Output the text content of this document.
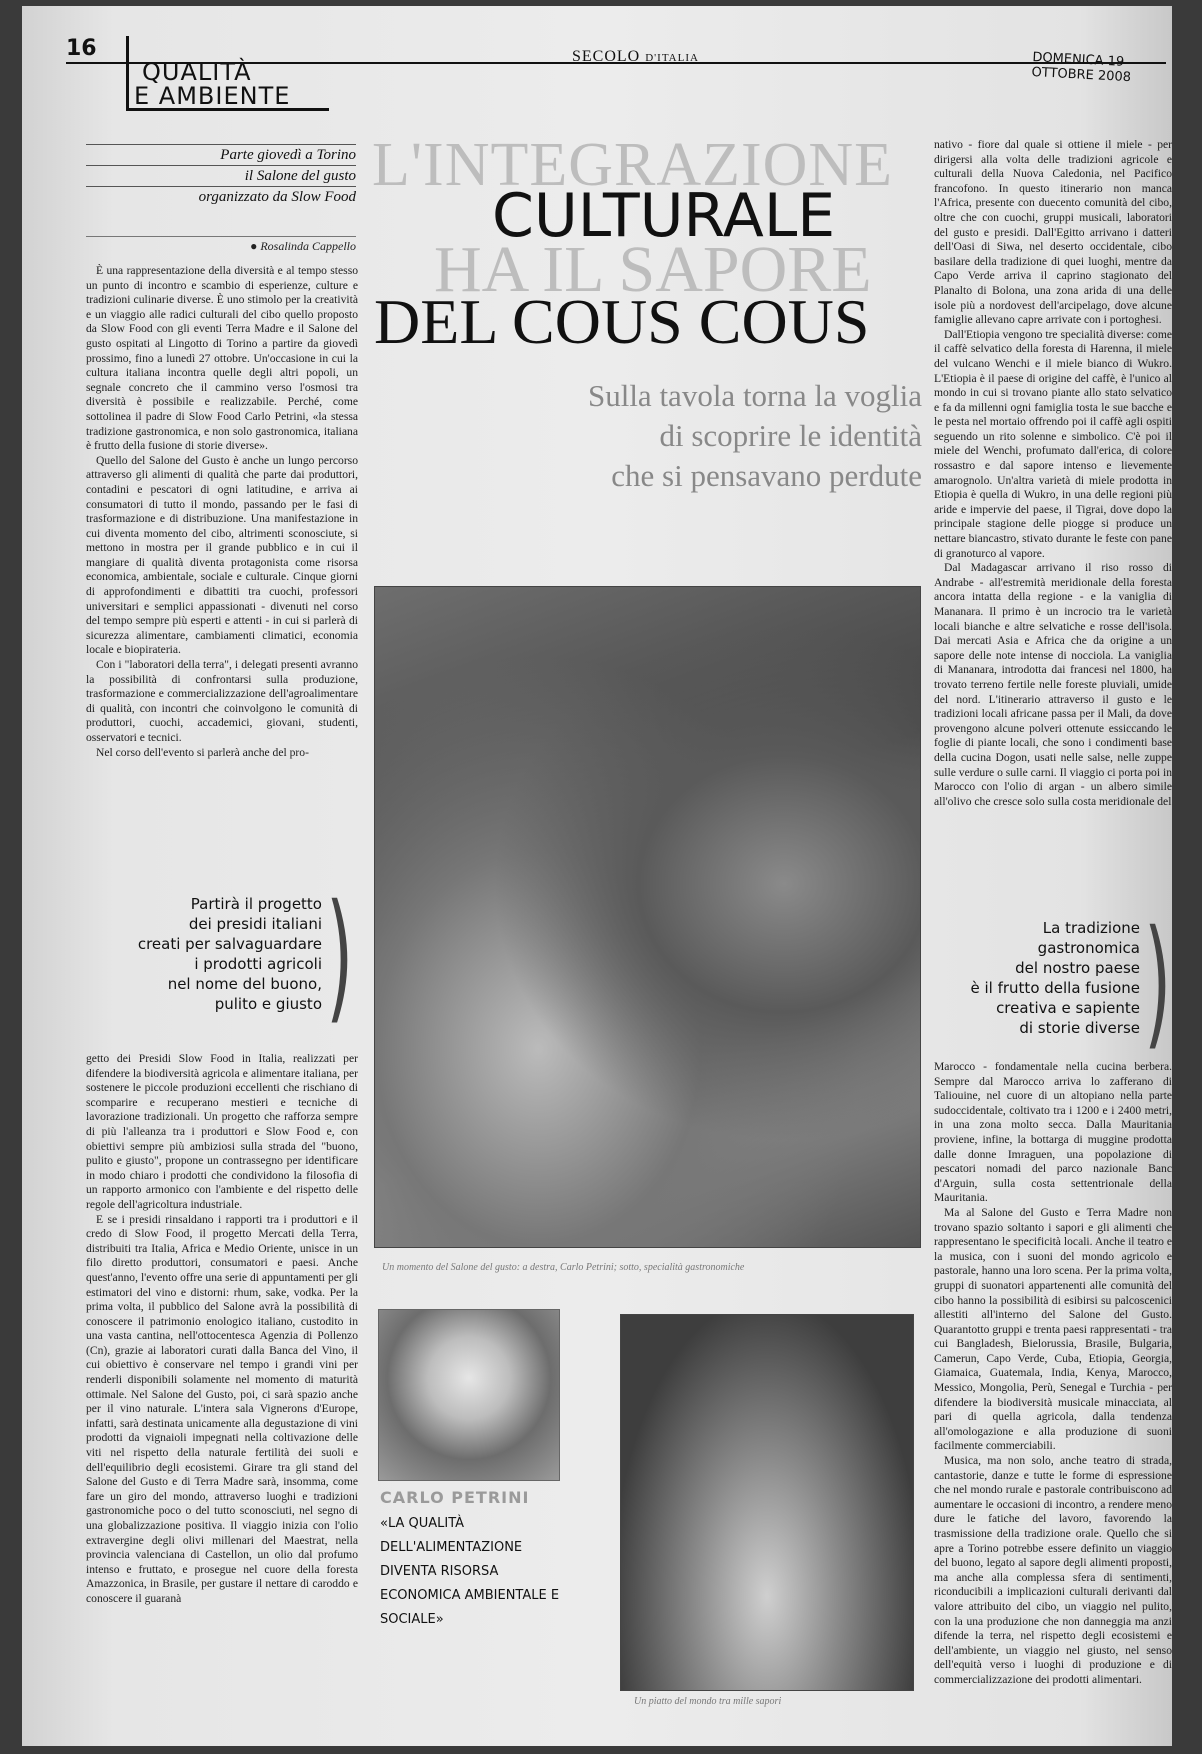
16
QUALITÀ
E AMBIENTE
SECOLO D'ITALIA	DOMENICA 19 OTTOBRE 2008
Parte giovedì a Torino
il Salone del gusto
organizzato da Slow Food
● Rosalinda Cappello
L'INTEGRAZIONE
CULTURALE
HA IL SAPORE
DEL COUS COUS
Sulla tavola torna la voglia
di scoprire le identità
che si pensavano perdute

È una rappresentazione della diversità e al tempo stesso un punto di incontro e scambio di esperienze, culture e tradizioni culinarie diverse. È uno stimolo per la creatività e un viaggio alle radici culturali del cibo quello proposto da Slow Food con gli eventi Terra Madre e il Salone del gusto ospitati al Lingotto di Torino a partire da giovedì prossimo, fino a lunedì 27 ottobre. Un'occasione in cui la cultura italiana incontra quelle degli altri popoli, un segnale concreto che il cammino verso l'osmosi tra diversità è possibile e realizzabile. Perché, come sottolinea il padre di Slow Food Carlo Petrini, «la stessa tradizione gastronomica, e non solo gastronomica, italiana è frutto della fusione di storie diverse».

Quello del Salone del Gusto è anche un lungo percorso attraverso gli alimenti di qualità che parte dai produttori, contadini e pescatori di ogni latitudine, e arriva ai consumatori di tutto il mondo, passando per le fasi di trasformazione e di distribuzione. Una manifestazione in cui diventa momento del cibo, altrimenti sconosciute, si mettono in mostra per il grande pubblico e in cui il mangiare di qualità diventa protagonista come risorsa economica, ambientale, sociale e culturale. Cinque giorni di approfondimenti e dibattiti tra cuochi, professori universitari e semplici appassionati - divenuti nel corso del tempo sempre più esperti e attenti - in cui si parlerà di sicurezza alimentare, cambiamenti climatici, economia locale e biopirateria.

Con i "laboratori della terra", i delegati presenti avranno la possibilità di confrontarsi sulla produzione, trasformazione e commercializzazione dell'agroalimentare di qualità, con incontri che coinvolgono le comunità di produttori, cuochi, accademici, giovani, studenti, osservatori e tecnici.

Nel corso dell'evento si parlerà anche del pro-

Partirà il progetto
dei presidi italiani
creati per salvaguardare
i prodotti agricoli
nel nome del buono,
pulito e giusto )

getto dei Presidi Slow Food in Italia, realizzati per difendere la biodiversità agricola e alimentare italiana, per sostenere le piccole produzioni eccellenti che rischiano di scomparire e recuperano mestieri e tecniche di lavorazione tradizionali. Un progetto che rafforza sempre di più l'alleanza tra i produttori e Slow Food e, con obiettivi sempre più ambiziosi sulla strada del "buono, pulito e giusto", propone un contrassegno per identificare in modo chiaro i prodotti che condividono la filosofia di un rapporto armonico con l'ambiente e del rispetto delle regole dell'agricoltura industriale.

E se i presidi rinsaldano i rapporti tra i produttori e il credo di Slow Food, il progetto Mercati della Terra, distribuiti tra Italia, Africa e Medio Oriente, unisce in un filo diretto produttori, consumatori e paesi. Anche quest'anno, l'evento offre una serie di appuntamenti per gli estimatori del vino e distorni: rhum, sake, vodka. Per la prima volta, il pubblico del Salone avrà la possibilità di conoscere il patrimonio enologico italiano, custodito in una vasta cantina, nell'ottocentesca Agenzia di Pollenzo (Cn), grazie ai laboratori curati dalla Banca del Vino, il cui obiettivo è conservare nel tempo i grandi vini per renderli disponibili solamente nel momento di maturità ottimale. Nel Salone del Gusto, poi, ci sarà spazio anche per il vino naturale. L'intera sala Vignerons d'Europe, infatti, sarà destinata unicamente alla degustazione di vini prodotti da vignaioli impegnati nella coltivazione delle viti nel rispetto della naturale fertilità dei suoli e dell'equilibrio degli ecosistemi. Girare tra gli stand del Salone del Gusto e di Terra Madre sarà, insomma, come fare un giro del mondo, attraverso luoghi e tradizioni gastronomiche poco o del tutto sconosciuti, nel segno di una globalizzazione positiva. Il viaggio inizia con l'olio extravergine degli olivi millenari del Maestrat, nella provincia valenciana di Castellon, un olio dal profumo intenso e fruttato, e prosegue nel cuore della foresta Amazzonica, in Brasile, per gustare il nettare di caroddo e conoscere il guaranà

Un momento del Salone del gusto: a destra, Carlo Petrini; sotto, specialità gastronomiche
CARLO PETRINI
«LA QUALITÀ DELL'ALIMENTAZIONE DIVENTA RISORSA ECONOMICA AMBIENTALE E SOCIALE»
Un piatto del mondo tra mille sapori

nativo - fiore dal quale si ottiene il miele - per dirigersi alla volta delle tradizioni agricole e culturali della Nuova Caledonia, nel Pacifico francofono. In questo itinerario non manca l'Africa, presente con duecento comunità del cibo, oltre che con cuochi, gruppi musicali, laboratori del gusto e presidi. Dall'Egitto arrivano i datteri dell'Oasi di Siwa, nel deserto occidentale, cibo basilare della tradizione di quei luoghi, mentre da Capo Verde arriva il caprino stagionato del Planalto di Bolona, una zona arida di una delle isole più a nordovest dell'arcipelago, dove alcune famiglie allevano capre arrivate con i portoghesi.

Dall'Etiopia vengono tre specialità diverse: come il caffè selvatico della foresta di Harenna, il miele del vulcano Wenchi e il miele bianco di Wukro. L'Etiopia è il paese di origine del caffè, è l'unico al mondo in cui si trovano piante allo stato selvatico e fa da millenni ogni famiglia tosta le sue bacche e le pesta nel mortaio offrendo poi il caffè agli ospiti seguendo un rito solenne e simbolico. C'è poi il miele del Wenchi, profumato dall'erica, di colore rossastro e dal sapore intenso e lievemente amarognolo. Un'altra varietà di miele prodotta in Etiopia è quella di Wukro, in una delle regioni più aride e impervie del paese, il Tigrai, dove dopo la principale stagione delle piogge si produce un nettare biancastro, stivato durante le feste con pane di granoturco al vapore.

Dal Madagascar arrivano il riso rosso di Andrabe - all'estremità meridionale della foresta ancora intatta della regione - e la vaniglia di Mananara. Il primo è un incrocio tra le varietà locali bianche e altre selvatiche e rosse dell'isola. Dai mercati Asia e Africa che da origine a un sapore delle note intense di nocciola. La vaniglia di Mananara, introdotta dai francesi nel 1800, ha trovato terreno fertile nelle foreste pluviali, umide del nord. L'itinerario attraverso il gusto e le tradizioni locali africane passa per il Mali, da dove provengono alcune polveri ottenute essiccando le foglie di piante locali, che sono i condimenti base della cucina Dogon, usati nelle salse, nelle zuppe sulle verdure o sulle carni. Il viaggio ci porta poi in Marocco con l'olio di argan - un albero simile all'olivo che cresce solo sulla costa meridionale del

La tradizione
gastronomica
del nostro paese
è il frutto della fusione
creativa e sapiente
di storie diverse )

Marocco - fondamentale nella cucina berbera. Sempre dal Marocco arriva lo zafferano di Taliouine, nel cuore di un altopiano nella parte sudoccidentale, coltivato tra i 1200 e i 2400 metri, in una zona molto secca. Dalla Mauritania proviene, infine, la bottarga di muggine prodotta dalle donne Imraguen, una popolazione di pescatori nomadi del parco nazionale Banc d'Arguin, sulla costa settentrionale della Mauritania.

Ma al Salone del Gusto e Terra Madre non trovano spazio soltanto i sapori e gli alimenti che rappresentano le specificità locali. Anche il teatro e la musica, con i suoni del mondo agricolo e pastorale, hanno una loro scena. Per la prima volta, gruppi di suonatori appartenenti alle comunità del cibo hanno la possibilità di esibirsi su palcoscenici allestiti all'interno del Salone del Gusto. Quarantotto gruppi e trenta paesi rappresentati - tra cui Bangladesh, Bielorussia, Brasile, Bulgaria, Camerun, Capo Verde, Cuba, Etiopia, Georgia, Giamaica, Guatemala, India, Kenya, Marocco, Messico, Mongolia, Perù, Senegal e Turchia - per difendere la biodiversità musicale minacciata, al pari di quella agricola, dalla tendenza all'omologazione e alla produzione di suoni facilmente commerciabili.

Musica, ma non solo, anche teatro di strada, cantastorie, danze e tutte le forme di espressione che nel mondo rurale e pastorale contribuiscono ad aumentare le occasioni di incontro, a rendere meno dure le fatiche del lavoro, favorendo la trasmissione della tradizione orale. Quello che si apre a Torino potrebbe essere definito un viaggio del buono, legato al sapore degli alimenti proposti, ma anche alla complessa sfera di sentimenti, riconducibili a implicazioni culturali derivanti dal valore attribuito del cibo, un viaggio nel pulito, con la una produzione che non danneggia ma anzi difende la terra, nel rispetto degli ecosistemi e dell'ambiente, un viaggio nel giusto, nel senso dell'equità verso i luoghi di produzione e di commercializzazione dei prodotti alimentari.
